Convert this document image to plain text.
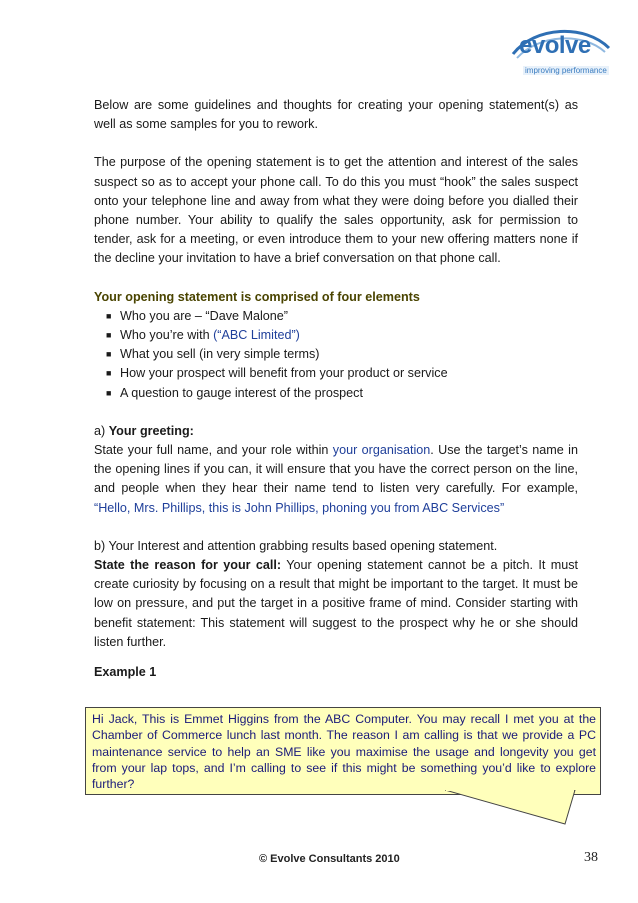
evolve
improving performance

Below are some guidelines and thoughts for creating your opening statement(s) as well as some samples for you to rework.

The purpose of the opening statement is to get the attention and interest of the sales suspect so as to accept your phone call. To do this you must “hook” the sales suspect onto your telephone line and away from what they were doing before you dialled their phone number. Your ability to qualify the sales opportunity, ask for permission to tender, ask for a meeting, or even introduce them to your new offering matters none if the decline your invitation to have a brief conversation on that phone call.

Your opening statement is comprised of four elements

■ Who you are – “Dave Malone”
■ Who you’re with (“ABC Limited”)
■ What you sell (in very simple terms)
■ How your prospect will benefit from your product or service
■ A question to gauge interest of the prospect

a) Your greeting:

State your full name, and your role within your organisation. Use the target’s name in the opening lines if you can, it will ensure that you have the correct person on the line, and people when they hear their name tend to listen very carefully. For example, “Hello, Mrs. Phillips, this is John Phillips, phoning you from ABC Services”

b) Your Interest and attention grabbing results based opening statement.

State the reason for your call: Your opening statement cannot be a pitch. It must create curiosity by focusing on a result that might be important to the target. It must be low on pressure, and put the target in a positive frame of mind. Consider starting with benefit statement: This statement will suggest to the prospect why he or she should listen further.

Example 1

Hi Jack, This is Emmet Higgins from the ABC Computer. You may recall I met you at the Chamber of Commerce lunch last month. The reason I am calling is that we provide a PC maintenance service to help an SME like you maximise the usage and longevity you get from your lap tops, and I’m calling to see if this might be something you’d like to explore further?
© Evolve Consultants 2010	38
